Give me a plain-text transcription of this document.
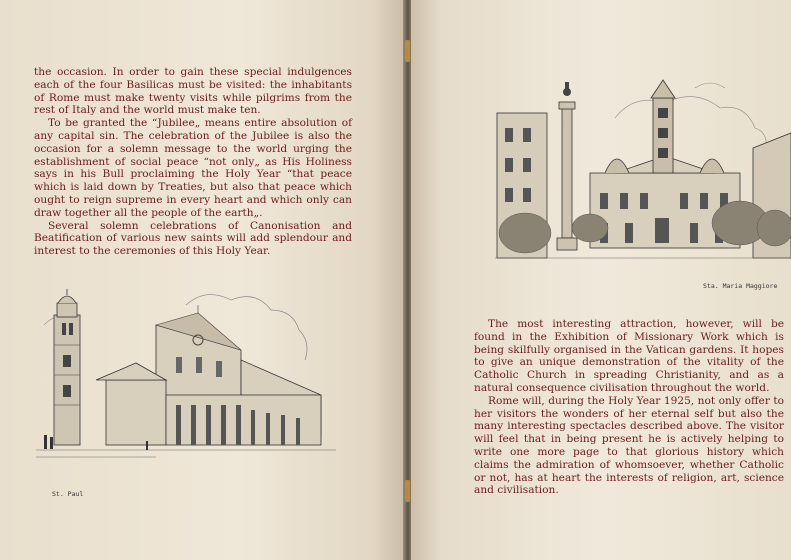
the occasion. In order to gain these special indulgences each of the four Basilicas must be visited: the inhabitants of Rome must make twenty visits while pilgrims from the rest of Italy and the world must make ten.

To be granted the “Jubilee„ means entire absolution of any capital sin. The celebration of the Jubilee is also the occasion for a solemn message to the world urging the establishment of social peace “not only„ as His Holiness says in his Bull proclaiming the Holy Year “that peace which is laid down by Treaties, but also that peace which ought to reign supreme in every heart and which only can draw together all the people of the earth„.

Several solemn celebrations of Canonisation and Beatification of various new saints will add splendour and interest to the ceremonies of this Holy Year.

St. Paul
Sta. Maria Maggiore

The most interesting attraction, however, will be found in the Exhibition of Missionary Work which is being skilfully organised in the Vatican gardens. It hopes to give an unique demonstration of the vitality of the Catholic Church in spreading Christianity, and as a natural consequence civilisation throughout the world.

Rome will, during the Holy Year 1925, not only offer to her visitors the wonders of her eternal self but also the many interesting spectacles described above. The visitor will feel that in being present he is actively helping to write one more page to that glorious history which claims the admiration of whomsoever, whether Catholic or not, has at heart the interests of religion, art, science and civilisation.
